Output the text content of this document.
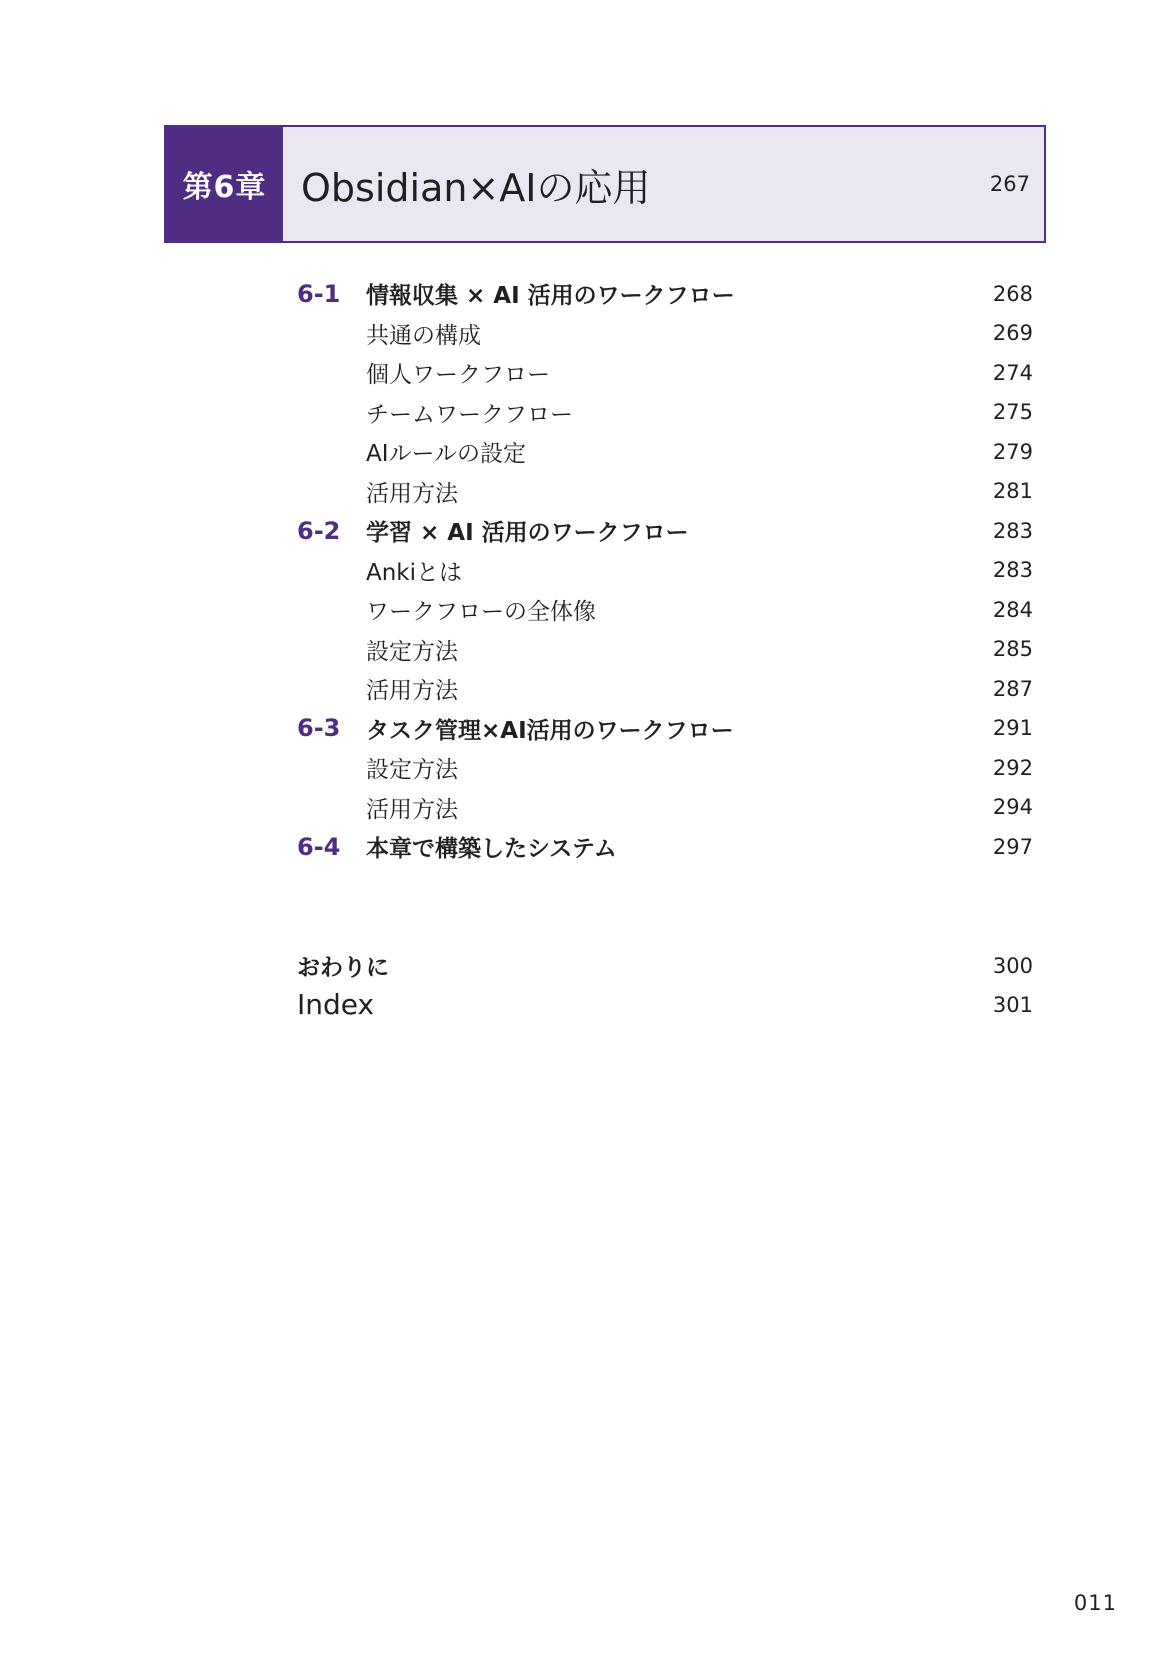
第6章 Obsidian×AIの応用	267
6-1	情報収集 × AI 活用のワークフロー	268
共通の構成	269
個人ワークフロー	274
チームワークフロー	275
AIルールの設定	279
活用方法	281
6-2	学習 × AI 活用のワークフロー	283
Ankiとは	283
ワークフローの全体像	284
設定方法	285
活用方法	287
6-3	タスク管理×AI活用のワークフロー	291
設定方法	292
活用方法	294
6-4	本章で構築したシステム	297
おわりに	300
Index	301
011
